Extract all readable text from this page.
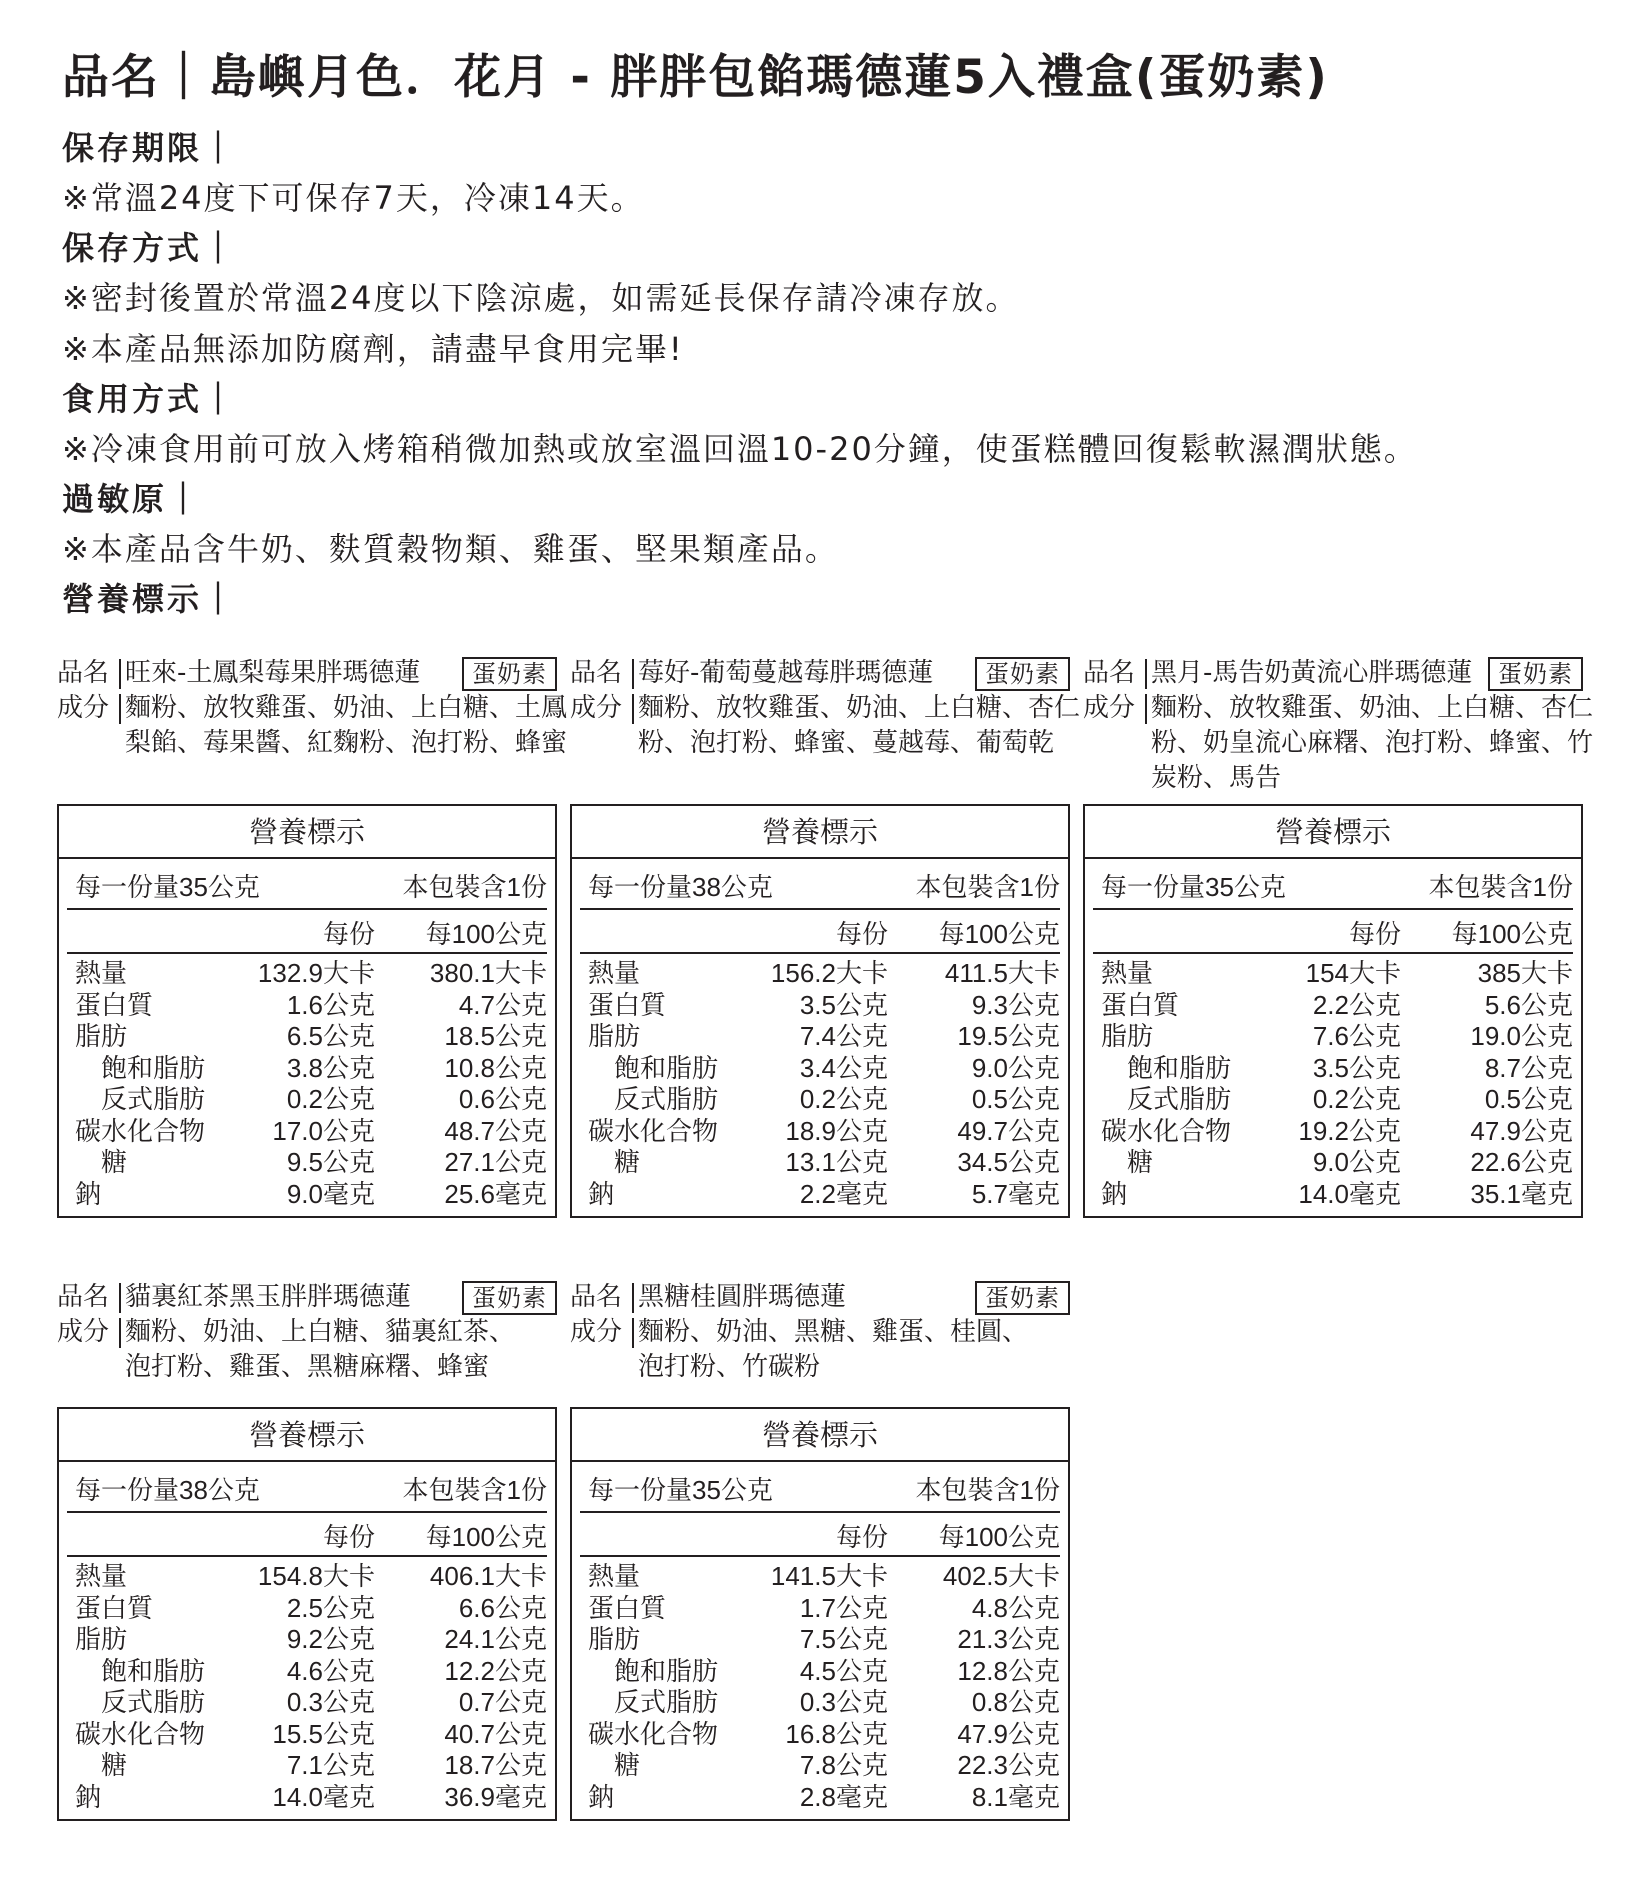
品名｜島嶼月色．花月 - 胖胖包餡瑪德蓮5入禮盒(蛋奶素)
保存期限｜
※常溫24度下可保存7天，冷凍14天。
保存方式｜
※密封後置於常溫24度以下陰涼處，如需延長保存請冷凍存放。
※本產品無添加防腐劑，請盡早食用完畢!
食用方式｜
※冷凍食用前可放入烤箱稍微加熱或放室溫回溫10-20分鐘，使蛋糕體回復鬆軟濕潤狀態。
過敏原｜
※本產品含牛奶、麩質穀物類、雞蛋、堅果類產品。
營養標示｜
品名 旺來-土鳳梨莓果胖瑪德蓮	蛋奶素
成分 麵粉、放牧雞蛋、奶油、上白糖、土鳳
梨餡、莓果醬、紅麴粉、泡打粉、蜂蜜
營養標示
每一份量35公克	本包裝含1份
每份 每100公克
熱量	132.9大卡 380.1大卡
蛋白質	1.6公克	4.7公克
脂肪	6.5公克	18.5公克
飽和脂肪	3.8公克	10.8公克
反式脂肪	0.2公克	0.6公克
碳水化合物	17.0公克	48.7公克
糖	9.5公克	27.1公克
鈉	9.0毫克	25.6毫克
品名 莓好-葡萄蔓越莓胖瑪德蓮	蛋奶素
成分 麵粉、放牧雞蛋、奶油、上白糖、杏仁
粉、泡打粉、蜂蜜、蔓越莓、葡萄乾
營養標示
每一份量38公克	本包裝含1份
每份 每100公克
熱量	156.2大卡 411.5大卡
蛋白質	3.5公克	9.3公克
脂肪	7.4公克	19.5公克
飽和脂肪	3.4公克	9.0公克
反式脂肪	0.2公克	0.5公克
碳水化合物	18.9公克	49.7公克
糖	13.1公克	34.5公克
鈉	2.2毫克	5.7毫克
品名 黑月-馬告奶黃流心胖瑪德蓮	蛋奶素
成分 麵粉、放牧雞蛋、奶油、上白糖、杏仁
粉、奶皇流心麻糬、泡打粉、蜂蜜、竹
炭粉、馬告
營養標示
每一份量35公克	本包裝含1份
每份 每100公克
熱量	154大卡	385大卡
蛋白質	2.2公克	5.6公克
脂肪	7.6公克	19.0公克
飽和脂肪	3.5公克	8.7公克
反式脂肪	0.2公克	0.5公克
碳水化合物	19.2公克	47.9公克
糖	9.0公克	22.6公克
鈉	14.0毫克	35.1毫克
品名 貓裏紅茶黑玉胖胖瑪德蓮	蛋奶素
成分 麵粉、奶油、上白糖、貓裏紅茶、
泡打粉、雞蛋、黑糖麻糬、蜂蜜
營養標示
每一份量38公克	本包裝含1份
每份 每100公克
熱量	154.8大卡 406.1大卡
蛋白質	2.5公克	6.6公克
脂肪	9.2公克	24.1公克
飽和脂肪	4.6公克	12.2公克
反式脂肪	0.3公克	0.7公克
碳水化合物	15.5公克	40.7公克
糖	7.1公克	18.7公克
鈉	14.0毫克	36.9毫克
品名 黑糖桂圓胖瑪德蓮	蛋奶素
成分 麵粉、奶油、黑糖、雞蛋、桂圓、
泡打粉、竹碳粉
營養標示
每一份量35公克	本包裝含1份
每份 每100公克
熱量	141.5大卡 402.5大卡
蛋白質	1.7公克	4.8公克
脂肪	7.5公克	21.3公克
飽和脂肪	4.5公克	12.8公克
反式脂肪	0.3公克	0.8公克
碳水化合物	16.8公克	47.9公克
糖	7.8公克	22.3公克
鈉	2.8毫克	8.1毫克
